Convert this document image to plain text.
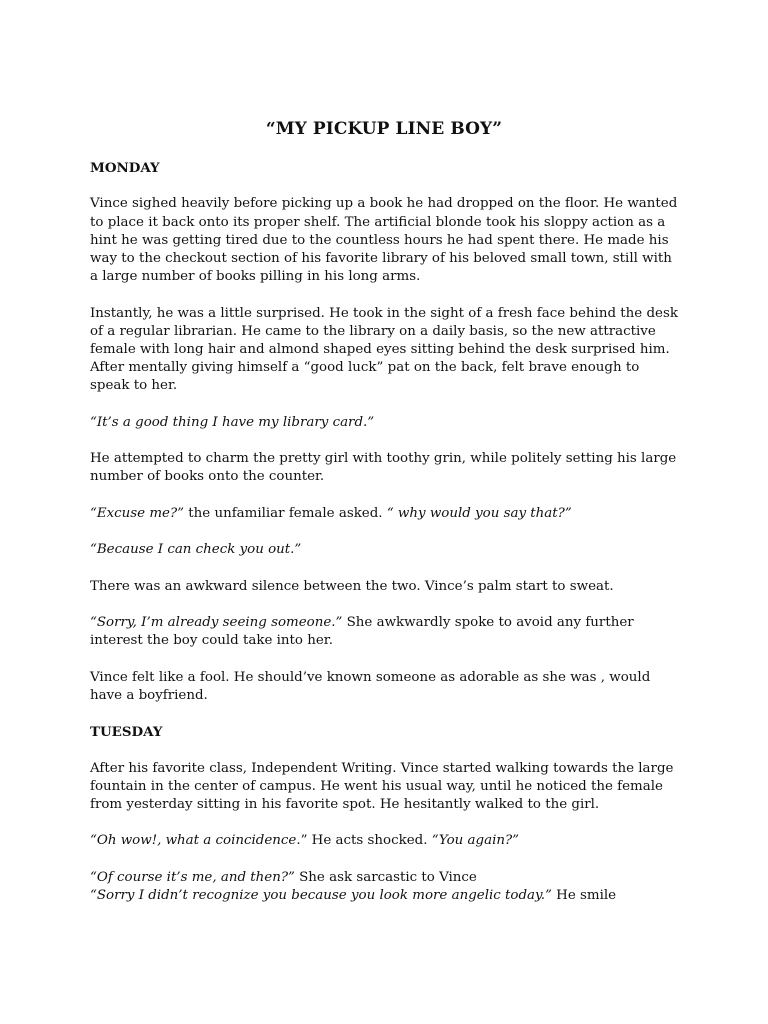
“MY PICKUP LINE BOY”

MONDAY

Vince sighed heavily before picking up a book he had dropped on the floor. He wanted to place it back onto its proper shelf. The artificial blonde took his sloppy action as a hint he was getting tired due to the countless hours he had spent there. He made his way to the checkout section of his favorite library of his beloved small town, still with a large number of books pilling in his long arms.

Instantly, he was a little surprised. He took in the sight of a fresh face behind the desk of a regular librarian. He came to the library on a daily basis, so the new attractive female with long hair and almond shaped eyes sitting behind the desk surprised him. After mentally giving himself a “good luck” pat on the back, felt brave enough to speak to her.

“It’s a good thing I have my library card.”

He attempted to charm the pretty girl with toothy grin, while politely setting his large number of books onto the counter.

“Excuse me?” the unfamiliar female asked. “ why would you say that?”

“Because I can check you out.”

There was an awkward silence between the two. Vince’s palm start to sweat.

“Sorry, I’m already seeing someone.” She awkwardly spoke to avoid any further interest the boy could take into her.

Vince felt like a fool. He should’ve known someone as adorable as she was , would have a boyfriend.

TUESDAY

After his favorite class, Independent Writing. Vince started walking towards the large fountain in the center of campus. He went his usual way, until he noticed the female from yesterday sitting in his favorite spot. He hesitantly walked to the girl.

“Oh wow!, what a coincidence.” He acts shocked. “You again?”

“Of course it’s me, and then?” She ask sarcastic to Vince

“Sorry I didn’t recognize you because you look more angelic today.” He smile
